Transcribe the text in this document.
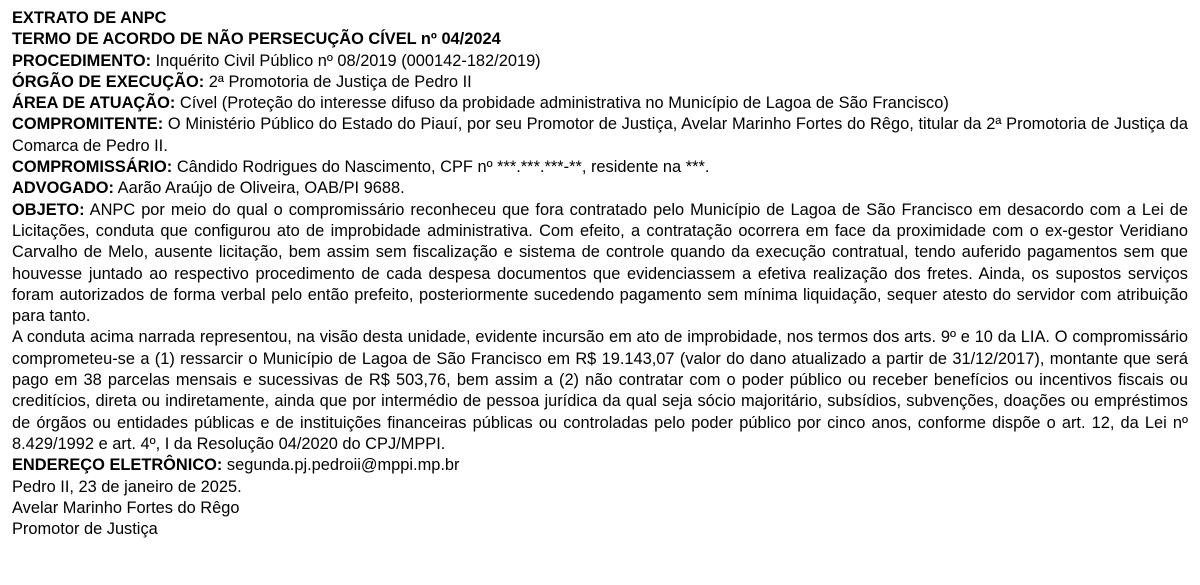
EXTRATO DE ANPC

TERMO DE ACORDO DE NÃO PERSECUÇÃO CÍVEL nº 04/2024

PROCEDIMENTO: Inquérito Civil Público nº 08/2019 (000142-182/2019)

ÓRGÃO DE EXECUÇÃO: 2ª Promotoria de Justiça de Pedro II

ÁREA DE ATUAÇÃO: Cível (Proteção do interesse difuso da probidade administrativa no Município de Lagoa de São Francisco)

COMPROMITENTE: O Ministério Público do Estado do Piauí, por seu Promotor de Justiça, Avelar Marinho Fortes do Rêgo, titular da 2ª Promotoria de Justiça da Comarca de Pedro II.

COMPROMISSÁRIO: Cândido Rodrigues do Nascimento, CPF nº ***.***.***-**, residente na ***.

ADVOGADO: Aarão Araújo de Oliveira, OAB/PI 9688.

OBJETO: ANPC por meio do qual o compromissário reconheceu que fora contratado pelo Município de Lagoa de São Francisco em desacordo com a Lei de Licitações, conduta que configurou ato de improbidade administrativa. Com efeito, a contratação ocorrera em face da proximidade com o ex-gestor Veridiano Carvalho de Melo, ausente licitação, bem assim sem fiscalização e sistema de controle quando da execução contratual, tendo auferido pagamentos sem que houvesse juntado ao respectivo procedimento de cada despesa documentos que evidenciassem a efetiva realização dos fretes. Ainda, os supostos serviços foram autorizados de forma verbal pelo então prefeito, posteriormente sucedendo pagamento sem mínima liquidação, sequer atesto do servidor com atribuição para tanto.

A conduta acima narrada representou, na visão desta unidade, evidente incursão em ato de improbidade, nos termos dos arts. 9º e 10 da LIA. O compromissário comprometeu-se a (1) ressarcir o Município de Lagoa de São Francisco em R$ 19.143,07 (valor do dano atualizado a partir de 31/12/2017), montante que será pago em 38 parcelas mensais e sucessivas de R$ 503,76, bem assim a (2) não contratar com o poder público ou receber benefícios ou incentivos fiscais ou creditícios, direta ou indiretamente, ainda que por intermédio de pessoa jurídica da qual seja sócio majoritário, subsídios, subvenções, doações ou empréstimos de órgãos ou entidades públicas e de instituições financeiras públicas ou controladas pelo poder público por cinco anos, conforme dispõe o art. 12, da Lei nº 8.429/1992 e art. 4º, I da Resolução 04/2020 do CPJ/MPPI.

ENDEREÇO ELETRÔNICO: segunda.pj.pedroii@mppi.mp.br

Pedro II, 23 de janeiro de 2025.

Avelar Marinho Fortes do Rêgo

Promotor de Justiça
